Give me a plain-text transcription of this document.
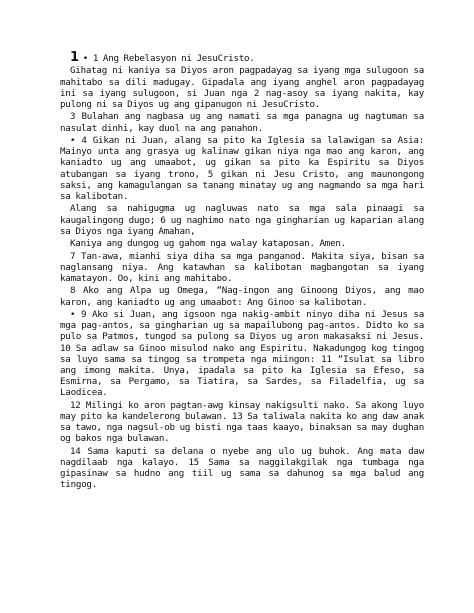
1 • 1 Ang Rebelasyon ni JesuCristo.

Gihatag ni kaniya sa Diyos aron pagpadayag sa iyang mga sulugoon sa mahitabo sa dili madugay. Gipadala ang iyang anghel aron pagpadayag ini sa iyang sulugoon, si Juan nga 2 nag-asoy sa iyang nakita, kay pulong ni sa Diyos ug ang gipanugon ni JesuCristo.

3 Bulahan ang nagbasa ug ang namati sa mga panagna ug nagtuman sa nasulat dinhi, kay duol na ang panahon.

• 4 Gikan ni Juan, alang sa pito ka Iglesia sa lalawigan sa Asia: Mainyo unta ang grasya ug kalinaw gikan niya nga mao ang karon, ang kaniadto ug ang umaabot, ug gikan sa pito ka Espiritu sa Diyos atubangan sa iyang trono, 5 gikan ni Jesu Cristo, ang maunongong saksi, ang kamagulangan sa tanang minatay ug ang nagmando sa mga hari sa kalibotan.

Alang sa nahigugma ug nagluwas nato sa mga sala pinaagi sa kaugalingong dugo; 6 ug naghimo nato nga gingharian ug kaparian alang sa Diyos nga iyang Amahan,

Kaniya ang dungog ug gahom nga walay kataposan. Amen.

7 Tan-awa, mianhi siya diha sa mga panganod. Makita siya, bisan sa naglansang niya. Ang katawhan sa kalibotan magbangotan sa iyang kamatayon. Oo, kini ang mahitabo.

8 Ako ang Alpa ug Omega, “Nag-ingon ang Ginoong Diyos, ang mao karon, ang kaniadto ug ang umaabot: Ang Ginoo sa kalibotan.

• 9 Ako si Juan, ang igsoon nga nakig-ambit ninyo diha ni Jesus sa mga pag-antos, sa gingharian ug sa mapailubong pag-antos. Didto ko sa pulo sa Patmos, tungod sa pulong sa Diyos ug aron makasaksi ni Jesus. 10 Sa adlaw sa Ginoo misulod nako ang Espiritu. Nakadungog kog tingog sa luyo sama sa tingog sa trompeta nga miingon: 11 “Isulat sa libro ang imong makita. Unya, ipadala sa pito ka Iglesia sa Efeso, sa Esmirna, sa Pergamo, sa Tiatira, sa Sardes, sa Filadelfia, ug sa Laodicea.

12 Milingi ko aron pagtan-awg kinsay nakigsulti nako. Sa akong luyo may pito ka kandelerong bulawan. 13 Sa taliwala nakita ko ang daw anak sa tawo, nga nagsul-ob ug bisti nga taas kaayo, binaksan sa may dughan og bakos nga bulawan.

14 Sama kaputi sa delana o nyebe ang ulo ug buhok. Ang mata daw nagdilaab nga kalayo. 15 Sama sa naggilakgilak nga tumbaga nga gipasinaw sa hudno ang tiil ug sama sa dahunog sa mga balud ang tingog.
